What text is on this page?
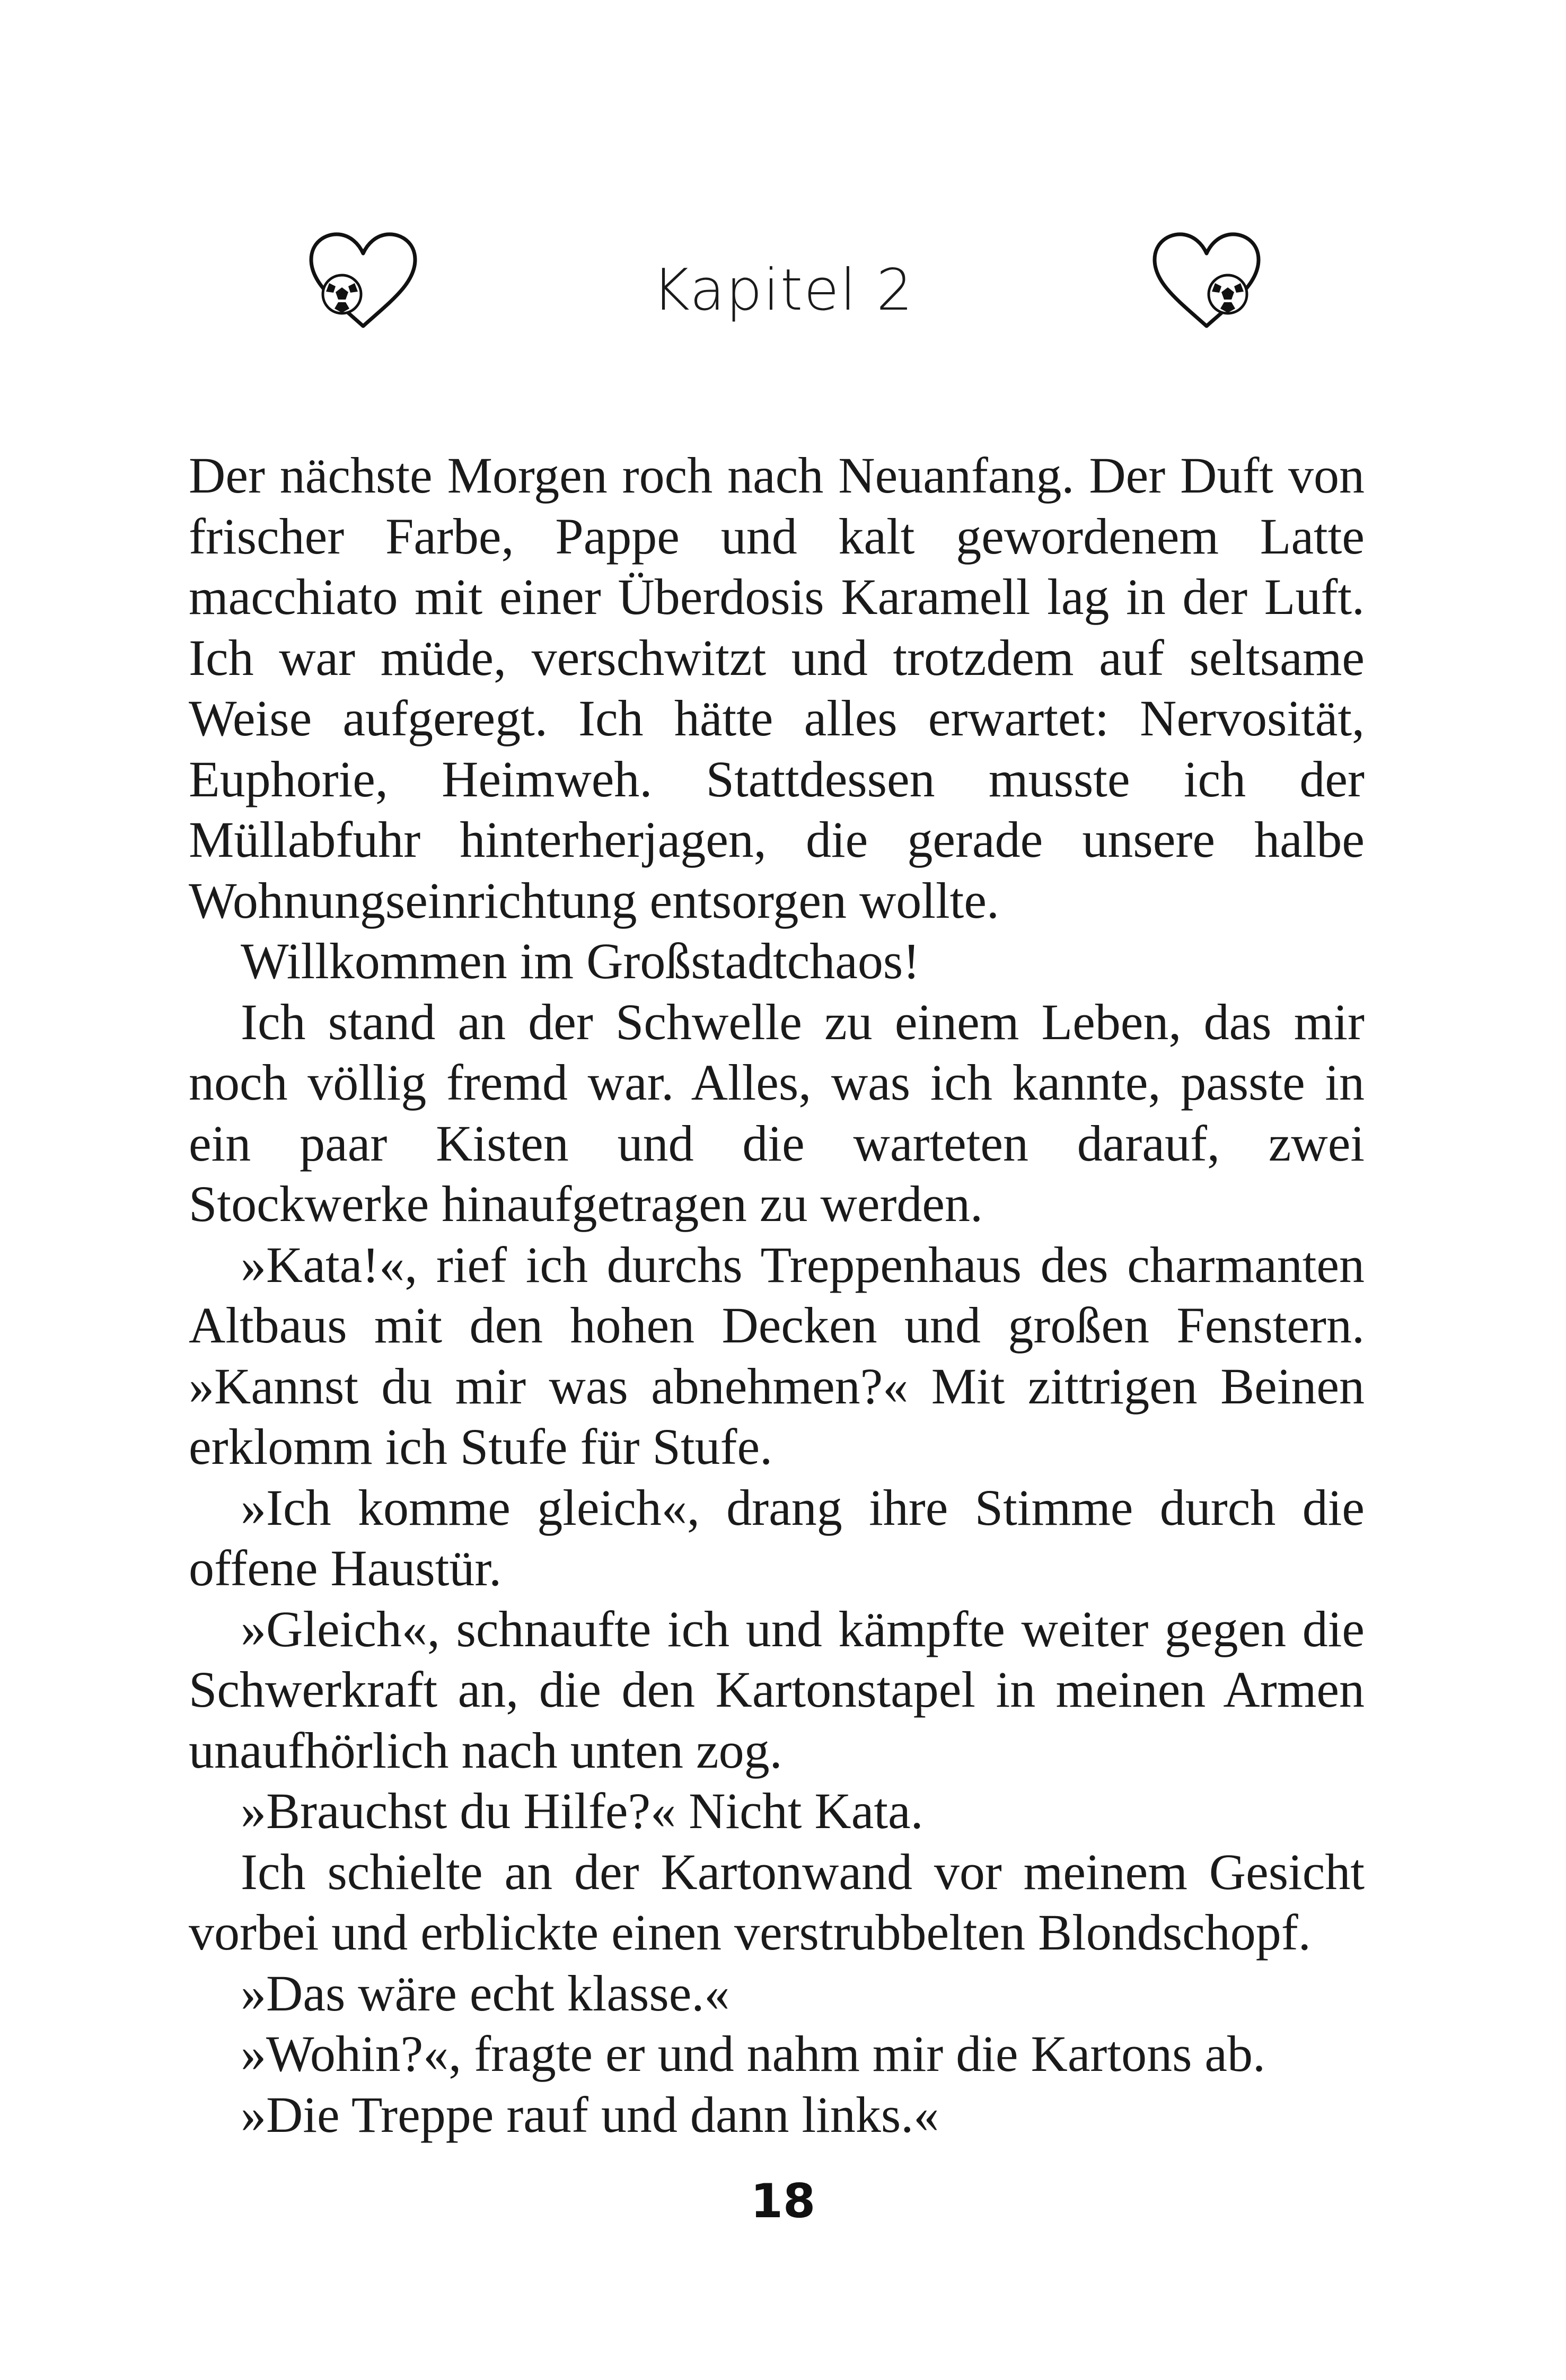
Kapitel 2

Der nächste Morgen roch nach Neuanfang. Der Duft von frischer Farbe, Pappe und kalt gewordenem Latte macchiato mit einer Überdosis Karamell lag in der Luft. Ich war müde, verschwitzt und trotzdem auf seltsame Weise aufgeregt. Ich hätte alles erwartet: Nervosität, Euphorie, Heimweh. Stattdessen musste ich der Müllabfuhr hinterherjagen, die gerade unsere halbe Wohnungseinrichtung entsorgen wollte.

Willkommen im Großstadtchaos!

Ich stand an der Schwelle zu einem Leben, das mir noch völlig fremd war. Alles, was ich kannte, passte in ein paar Kisten und die warteten darauf, zwei Stockwerke hinaufgetragen zu werden.

»Kata!«, rief ich durchs Treppenhaus des charmanten Altbaus mit den hohen Decken und großen Fenstern. »Kannst du mir was abnehmen?« Mit zittrigen Beinen erklomm ich Stufe für Stufe.

»Ich komme gleich«, drang ihre Stimme durch die offene Haustür.

»Gleich«, schnaufte ich und kämpfte weiter gegen die Schwerkraft an, die den Kartonstapel in meinen Armen unaufhörlich nach unten zog.

»Brauchst du Hilfe?« Nicht Kata.

Ich schielte an der Kartonwand vor meinem Gesicht vorbei und erblickte einen verstrubbelten Blondschopf.

»Das wäre echt klasse.«

»Wohin?«, fragte er und nahm mir die Kartons ab.

»Die Treppe rauf und dann links.«

18
